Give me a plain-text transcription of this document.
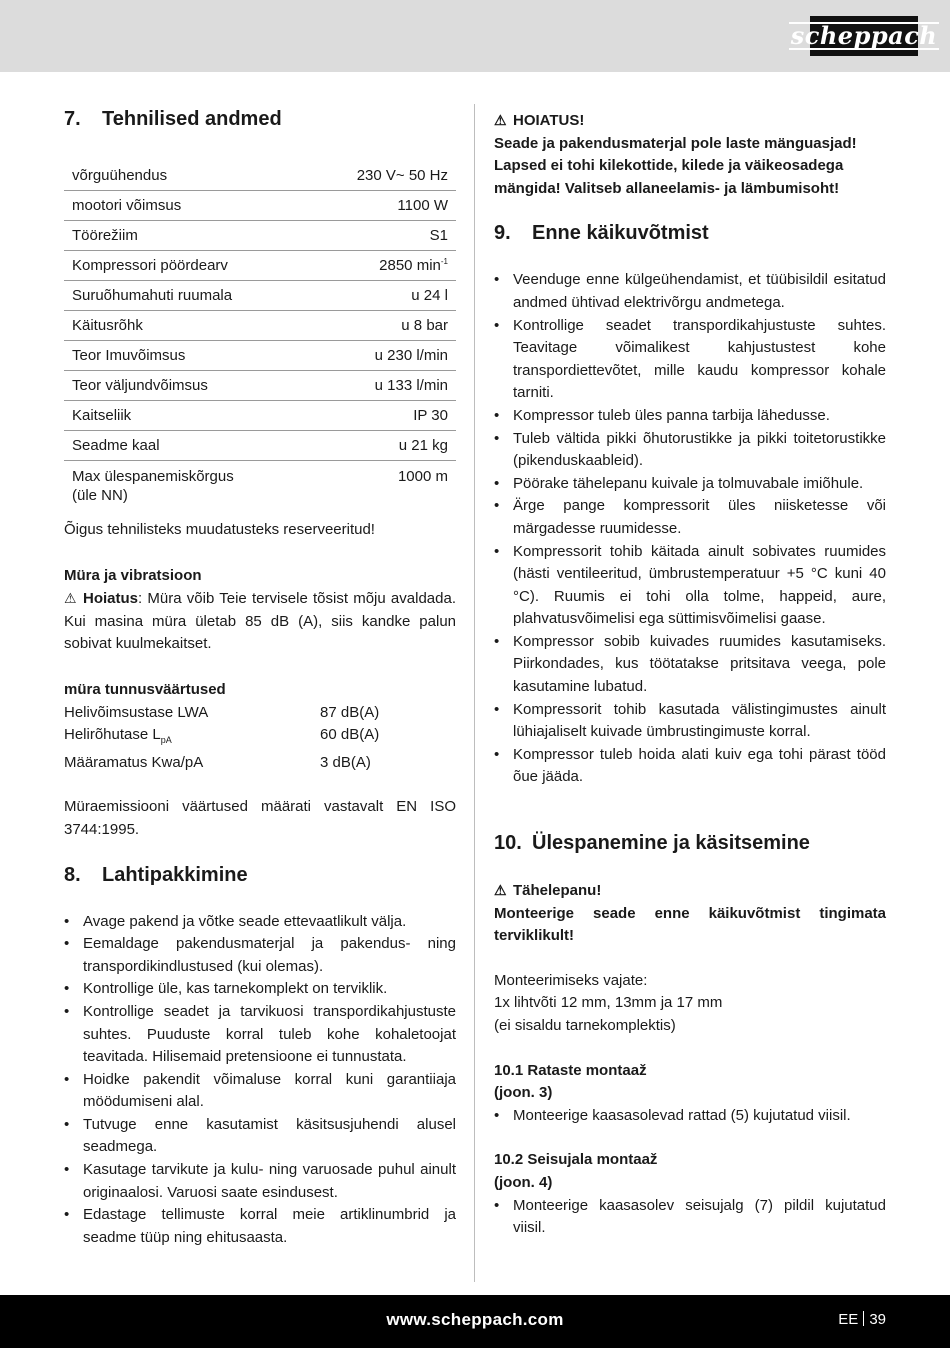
scheppach
7.	Tehnilised andmed
võrguühendus	230 V~ 50 Hz
mootori võimsus	1100 W
Töörežiim	S1
Kompressori pöördearv	2850 $\min^{-1}$
Suruõhumahuti ruumala	u 24 l
Käitusrõhk	u 8 bar
Teor Imuvõimsus	u 230 l/min
Teor väljundvõimsus	u 133 l/min
Kaitseliik	IP 30
Seadme kaal	u 21 kg
Max ülespanemiskõrgus
(üle NN)	1000 m

Õigus tehnilisteks muudatusteks reserveeritud!

Müra ja vibratsioon

⚠ Hoiatus: Müra võib Teie tervisele tõsist mõju avaldada. Kui masina müra ületab 85 dB (A), siis kandke palun sobivat kuulmekaitset.

müra tunnusväärtused

Helivõimsustase LWA	87 dB(A)
Helirõhutase $L_{pA}$	60 dB(A)
Määramatus Kwa/pA	3 dB(A)

Müraemissiooni väärtused määrati vastavalt EN ISO 3744:1995.

8.	Lahtipakkimine
• Avage pakend ja võtke seade ettevaatlikult välja.
• Eemaldage pakendusmaterjal ja pakendus- ning transpordikindlustused (kui olemas).
• Kontrollige üle, kas tarnekomplekt on terviklik.
• Kontrollige seadet ja tarvikuosi transpordikahjustuste suhtes. Puuduste korral tuleb kohe kohaletoojat teavitada. Hilisemaid pretensioone ei tunnustata.
• Hoidke pakendit võimaluse korral kuni garantiiaja möödumiseni alal.
• Tutvuge enne kasutamist käsitsusjuhendi alusel seadmega.
• Kasutage tarvikute ja kulu- ning varuosade puhul ainult originaalosi. Varuosi saate esindusest.
• Edastage tellimuste korral meie artiklinumbrid ja seadme tüüp ning ehitusaasta.

⚠ HOIATUS!

Seade ja pakendusmaterjal pole laste mänguasjad! Lapsed ei tohi kilekottide, kilede ja väikeosadega mängida! Valitseb allaneelamis- ja lämbumisoht!

9.	Enne käikuvõtmist
• Veenduge enne külgeühendamist, et tüübisildil esitatud andmed ühtivad elektrivõrgu andmetega.
• Kontrollige seadet transpordikahjustuste suhtes. Teavitage võimalikest kahjustustest kohe transpordiettevõtet, mille kaudu kompressor kohale tarniti.
• Kompressor tuleb üles panna tarbija lähedusse.
• Tuleb vältida pikki õhutorustikke ja pikki toitetorustikke (pikenduskaableid).
• Pöörake tähelepanu kuivale ja tolmuvabale imiõhule.
• Ärge pange kompressorit üles niisketesse või märgadesse ruumidesse.
• Kompressorit tohib käitada ainult sobivates ruumides (hästi ventileeritud, ümbrustemperatuur +5 °C kuni 40 °C). Ruumis ei tohi olla tolme, happeid, aure, plahvatusvõimelisi ega süttimisvõimelisi gaase.
• Kompressor sobib kuivades ruumides kasutamiseks. Piirkondades, kus töötatakse pritsitava veega, pole kasutamine lubatud.
• Kompressorit tohib kasutada välistingimustes ainult lühiajaliselt kuivade ümbrustingimuste korral.
• Kompressor tuleb hoida alati kuiv ega tohi pärast tööd õue jääda.
10. Ülespanemine ja käsitsemine

⚠ Tähelepanu!

Monteerige seade enne käikuvõtmist tingimata terviklikult!

Monteerimiseks vajate:

1x lihtvõti 12 mm, 13mm ja 17 mm

(ei sisaldu tarnekomplektis)

10.1 Rataste montaaž

(joon. 3)

• Monteerige kaasasolevad rattad (5) kujutatud viisil.

10.2 Seisujala montaaž

(joon. 4)

• Monteerige kaasasolev seisujalg (7) pildil kujutatud viisil.
www.scheppach.com	EE 39
